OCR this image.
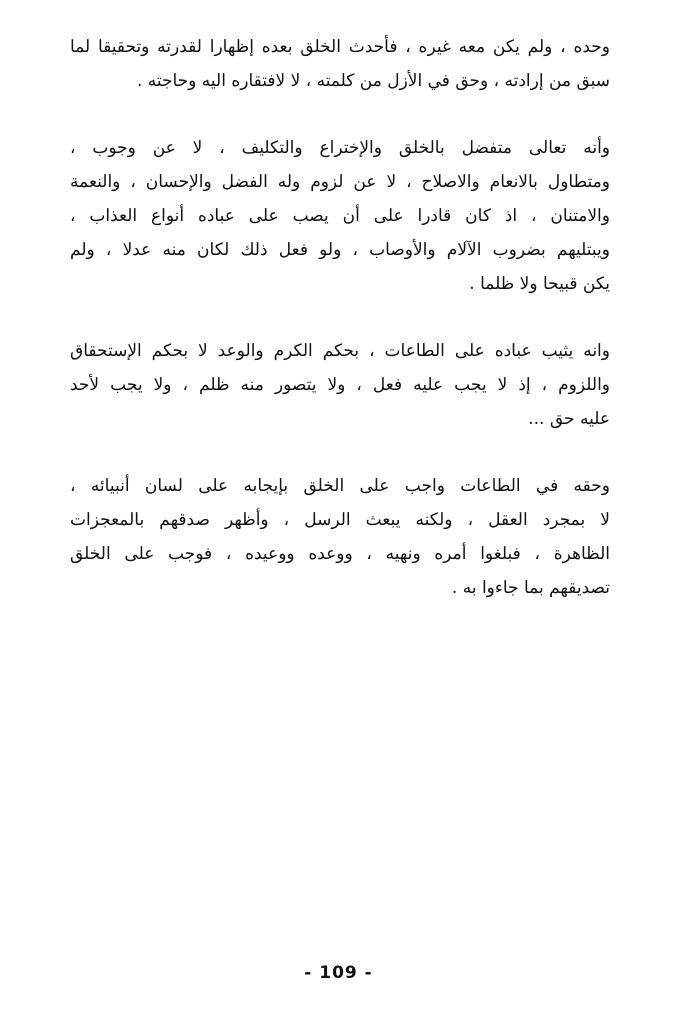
وحده ، ولم يكن معه غيره ، فأحدث الخلق بعده إظهارا لقدرته وتحقيقا لما
سبق من إرادته ، وحق في الأزل من كلمته ، لا لافتقاره اليه وحاجته .

وأنه تعالى متفضل بالخلق والإختراع والتكليف ، لا عن وجوب ،
ومتطاول بالانعام والاصلاح ، لا عن لزوم وله الفضل والإحسان ، والنعمة
والامتنان ، اذ كان قادرا على أن يصب على عباده أنواع العذاب ،
ويبتليهم بضروب الآلام والأوصاب ، ولو فعل ذلك لكان منه عدلا ، ولم
يكن قبيحا ولا ظلما .

وانه يثيب عباده على الطاعات ، بحكم الكرم والوعد لا بحكم الإستحقاق
واللزوم ، إذ لا يجب عليه فعل ، ولا يتصور منه ظلم ، ولا يجب لأحد
عليه حق ...

وحقه في الطاعات واجب على الخلق بإيجابه على لسان أنبيائه ،
لا بمجرد العقل ، ولكنه يبعث الرسل ، وأظهر صدقهم بالمعجزات
الظاهرة ، فبلغوا أمره ونهيه ، ووعده ووعيده ، فوجب على الخلق
تصديقهم بما جاءوا به .

- 109 -
